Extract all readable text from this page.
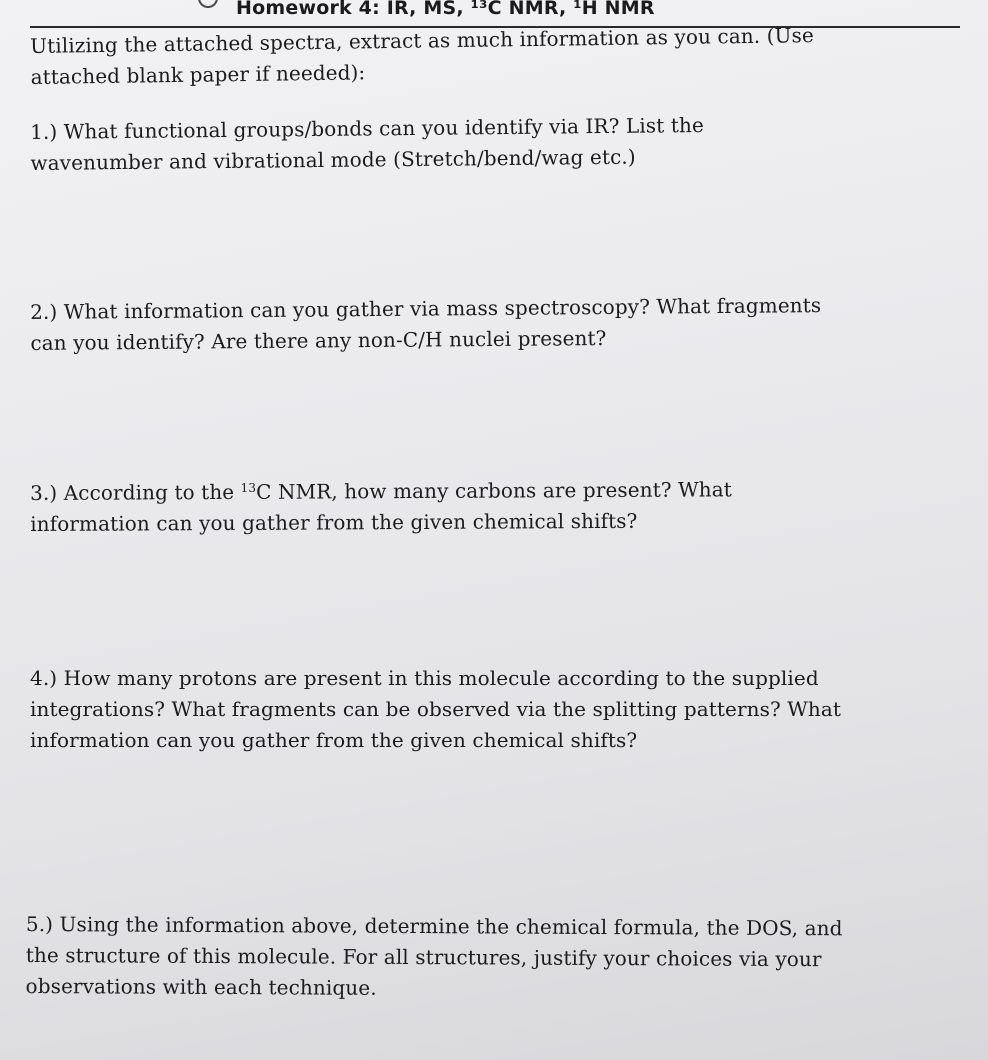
Homework 4: IR, MS, ¹³C NMR, ¹H NMR
Utilizing the attached spectra, extract as much information as you can. (Use
attached blank paper if needed):
1.) What functional groups/bonds can you identify via IR? List the
wavenumber and vibrational mode (Stretch/bend/wag etc.)
2.) What information can you gather via mass spectroscopy? What fragments
can you identify? Are there any non-C/H nuclei present?
3.) According to the $^{13}$C NMR, how many carbons are present? What
information can you gather from the given chemical shifts?
4.) How many protons are present in this molecule according to the supplied
integrations? What fragments can be observed via the splitting patterns? What
information can you gather from the given chemical shifts?
5.) Using the information above, determine the chemical formula, the DOS, and
the structure of this molecule. For all structures, justify your choices via your
observations with each technique.
